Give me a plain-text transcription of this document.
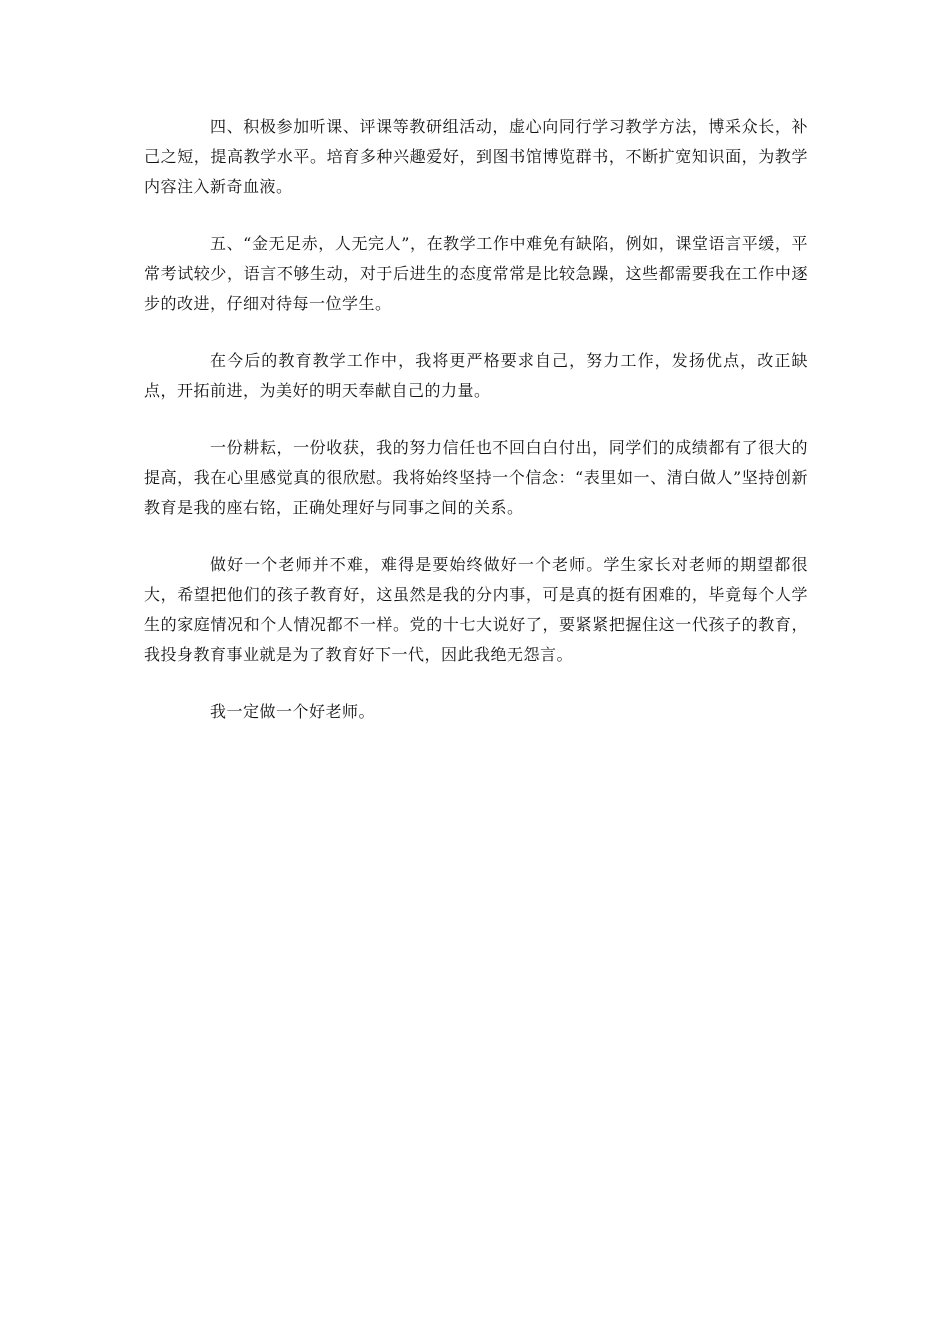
四、积极参加听课、评课等教研组活动，虚心向同行学习教学方法，博采众长，补己之短，提高教学水平。培育多种兴趣爱好，到图书馆博览群书，不断扩宽知识面，为教学内容注入新奇血液。

五、“金无足赤，人无完人”，在教学工作中难免有缺陷，例如，课堂语言平缓，平常考试较少，语言不够生动，对于后进生的态度常常是比较急躁，这些都需要我在工作中逐步的改进，仔细对待每一位学生。

在今后的教育教学工作中，我将更严格要求自己，努力工作，发扬优点，改正缺点，开拓前进，为美好的明天奉献自己的力量。

一份耕耘，一份收获，我的努力信任也不回白白付出，同学们的成绩都有了很大的提高，我在心里感觉真的很欣慰。我将始终坚持一个信念：“表里如一、清白做人”坚持创新教育是我的座右铭，正确处理好与同事之间的关系。

做好一个老师并不难，难得是要始终做好一个老师。学生家长对老师的期望都很大，希望把他们的孩子教育好，这虽然是我的分内事，可是真的挺有困难的，毕竟每个人学生的家庭情况和个人情况都不一样。党的十七大说好了，要紧紧把握住这一代孩子的教育，我投身教育事业就是为了教育好下一代，因此我绝无怨言。

我一定做一个好老师。
